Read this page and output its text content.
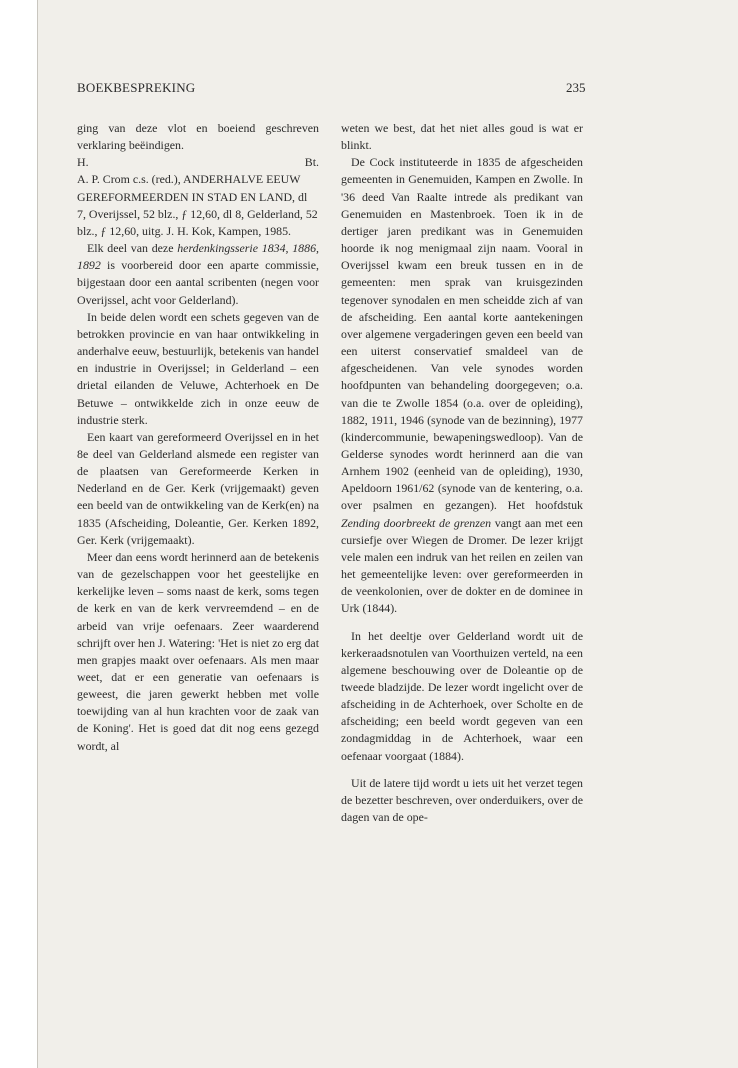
BOEKBESPREKING	235

ging van deze vlot en boeiend geschreven verklaring beëindigen.

H.	Bt.

A. P. Crom c.s. (red.), ANDERHALVE EEUW GEREFORMEERDEN IN STAD EN LAND, dl 7, Overijssel, 52 blz., ƒ 12,60, dl 8, Gelderland, 52 blz., ƒ 12,60, uitg. J. H. Kok, Kampen, 1985.

Elk deel van deze herdenkingsserie 1834, 1886, 1892 is voorbereid door een aparte commissie, bijgestaan door een aantal scribenten (negen voor Overijssel, acht voor Gelderland).

In beide delen wordt een schets gegeven van de betrokken provincie en van haar ontwikkeling in anderhalve eeuw, bestuurlijk, betekenis van handel en industrie in Overijssel; in Gelderland – een drietal eilanden de Veluwe, Achterhoek en De Betuwe – ontwikkelde zich in onze eeuw de industrie sterk.

Een kaart van gereformeerd Overijssel en in het 8e deel van Gelderland alsmede een register van de plaatsen van Gereformeerde Kerken in Nederland en de Ger. Kerk (vrijgemaakt) geven een beeld van de ontwikkeling van de Kerk(en) na 1835 (Afscheiding, Doleantie, Ger. Kerken 1892, Ger. Kerk (vrijgemaakt).

Meer dan eens wordt herinnerd aan de betekenis van de gezelschappen voor het geestelijke en kerkelijke leven – soms naast de kerk, soms tegen de kerk en van de kerk vervreemdend – en de arbeid van vrije oefenaars. Zeer waarderend schrijft over hen J. Watering: 'Het is niet zo erg dat men grapjes maakt over oefenaars. Als men maar weet, dat er een generatie van oefenaars is geweest, die jaren gewerkt hebben met volle toewijding van al hun krachten voor de zaak van de Koning'. Het is goed dat dit nog eens gezegd wordt, al

weten we best, dat het niet alles goud is wat er blinkt.

De Cock instituteerde in 1835 de afgescheiden gemeenten in Genemuiden, Kampen en Zwolle. In '36 deed Van Raalte intrede als predikant van Genemuiden en Mastenbroek. Toen ik in de dertiger jaren predikant was in Genemuiden hoorde ik nog menigmaal zijn naam. Vooral in Overijssel kwam een breuk tussen en in de gemeenten: men sprak van kruisgezinden tegenover synodalen en men scheidde zich af van de afscheiding. Een aantal korte aantekeningen over algemene vergaderingen geven een beeld van een uiterst conservatief smaldeel van de afgescheidenen. Van vele synodes worden hoofdpunten van behandeling doorgegeven; o.a. van die te Zwolle 1854 (o.a. over de opleiding), 1882, 1911, 1946 (synode van de bezinning), 1977 (kindercommunie, bewapeningswedloop). Van de Gelderse synodes wordt herinnerd aan die van Arnhem 1902 (eenheid van de opleiding), 1930, Apeldoorn 1961/62 (synode van de kentering, o.a. over psalmen en gezangen). Het hoofdstuk Zending doorbreekt de grenzen vangt aan met een cursiefje over Wiegen de Dromer. De lezer krijgt vele malen een indruk van het reilen en zeilen van het gemeentelijke leven: over gereformeerden in de veenkolonien, over de dokter en de dominee in Urk (1844).

In het deeltje over Gelderland wordt uit de kerkeraadsnotulen van Voorthuizen verteld, na een algemene beschouwing over de Doleantie op de tweede bladzijde. De lezer wordt ingelicht over de afscheiding in de Achterhoek, over Scholte en de afscheiding; een beeld wordt gegeven van een zondagmiddag in de Achterhoek, waar een oefenaar voorgaat (1884).

Uit de latere tijd wordt u iets uit het verzet tegen de bezetter beschreven, over onderduikers, over de dagen van de ope-
